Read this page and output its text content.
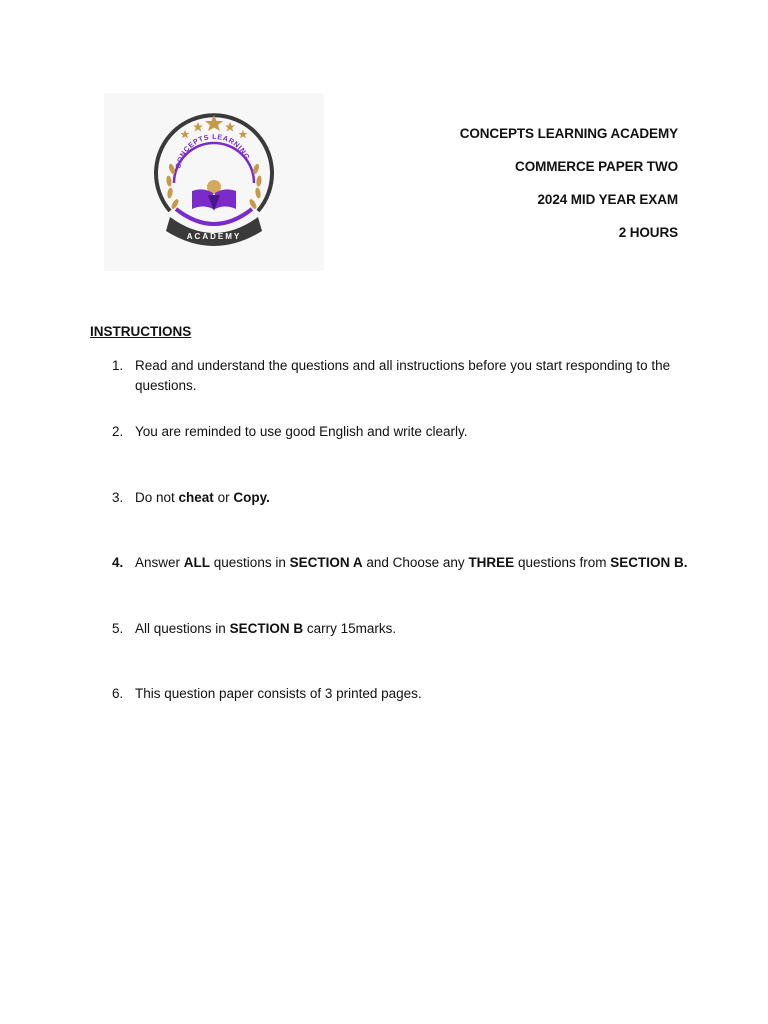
CONCEPTS LEARNING
ACADEMY
CONCEPTS LEARNING ACADEMY
COMMERCE PAPER TWO
2024 MID YEAR EXAM
2 HOURS
INSTRUCTIONS
1. Read and understand the questions and all instructions before you start responding to the questions.
2. You are reminded to use good English and write clearly.
3. Do not cheat or Copy.
4. Answer ALL questions in SECTION A and Choose any THREE questions from SECTION B.
5. All questions in SECTION B carry 15marks.
6. This question paper consists of 3 printed pages.
